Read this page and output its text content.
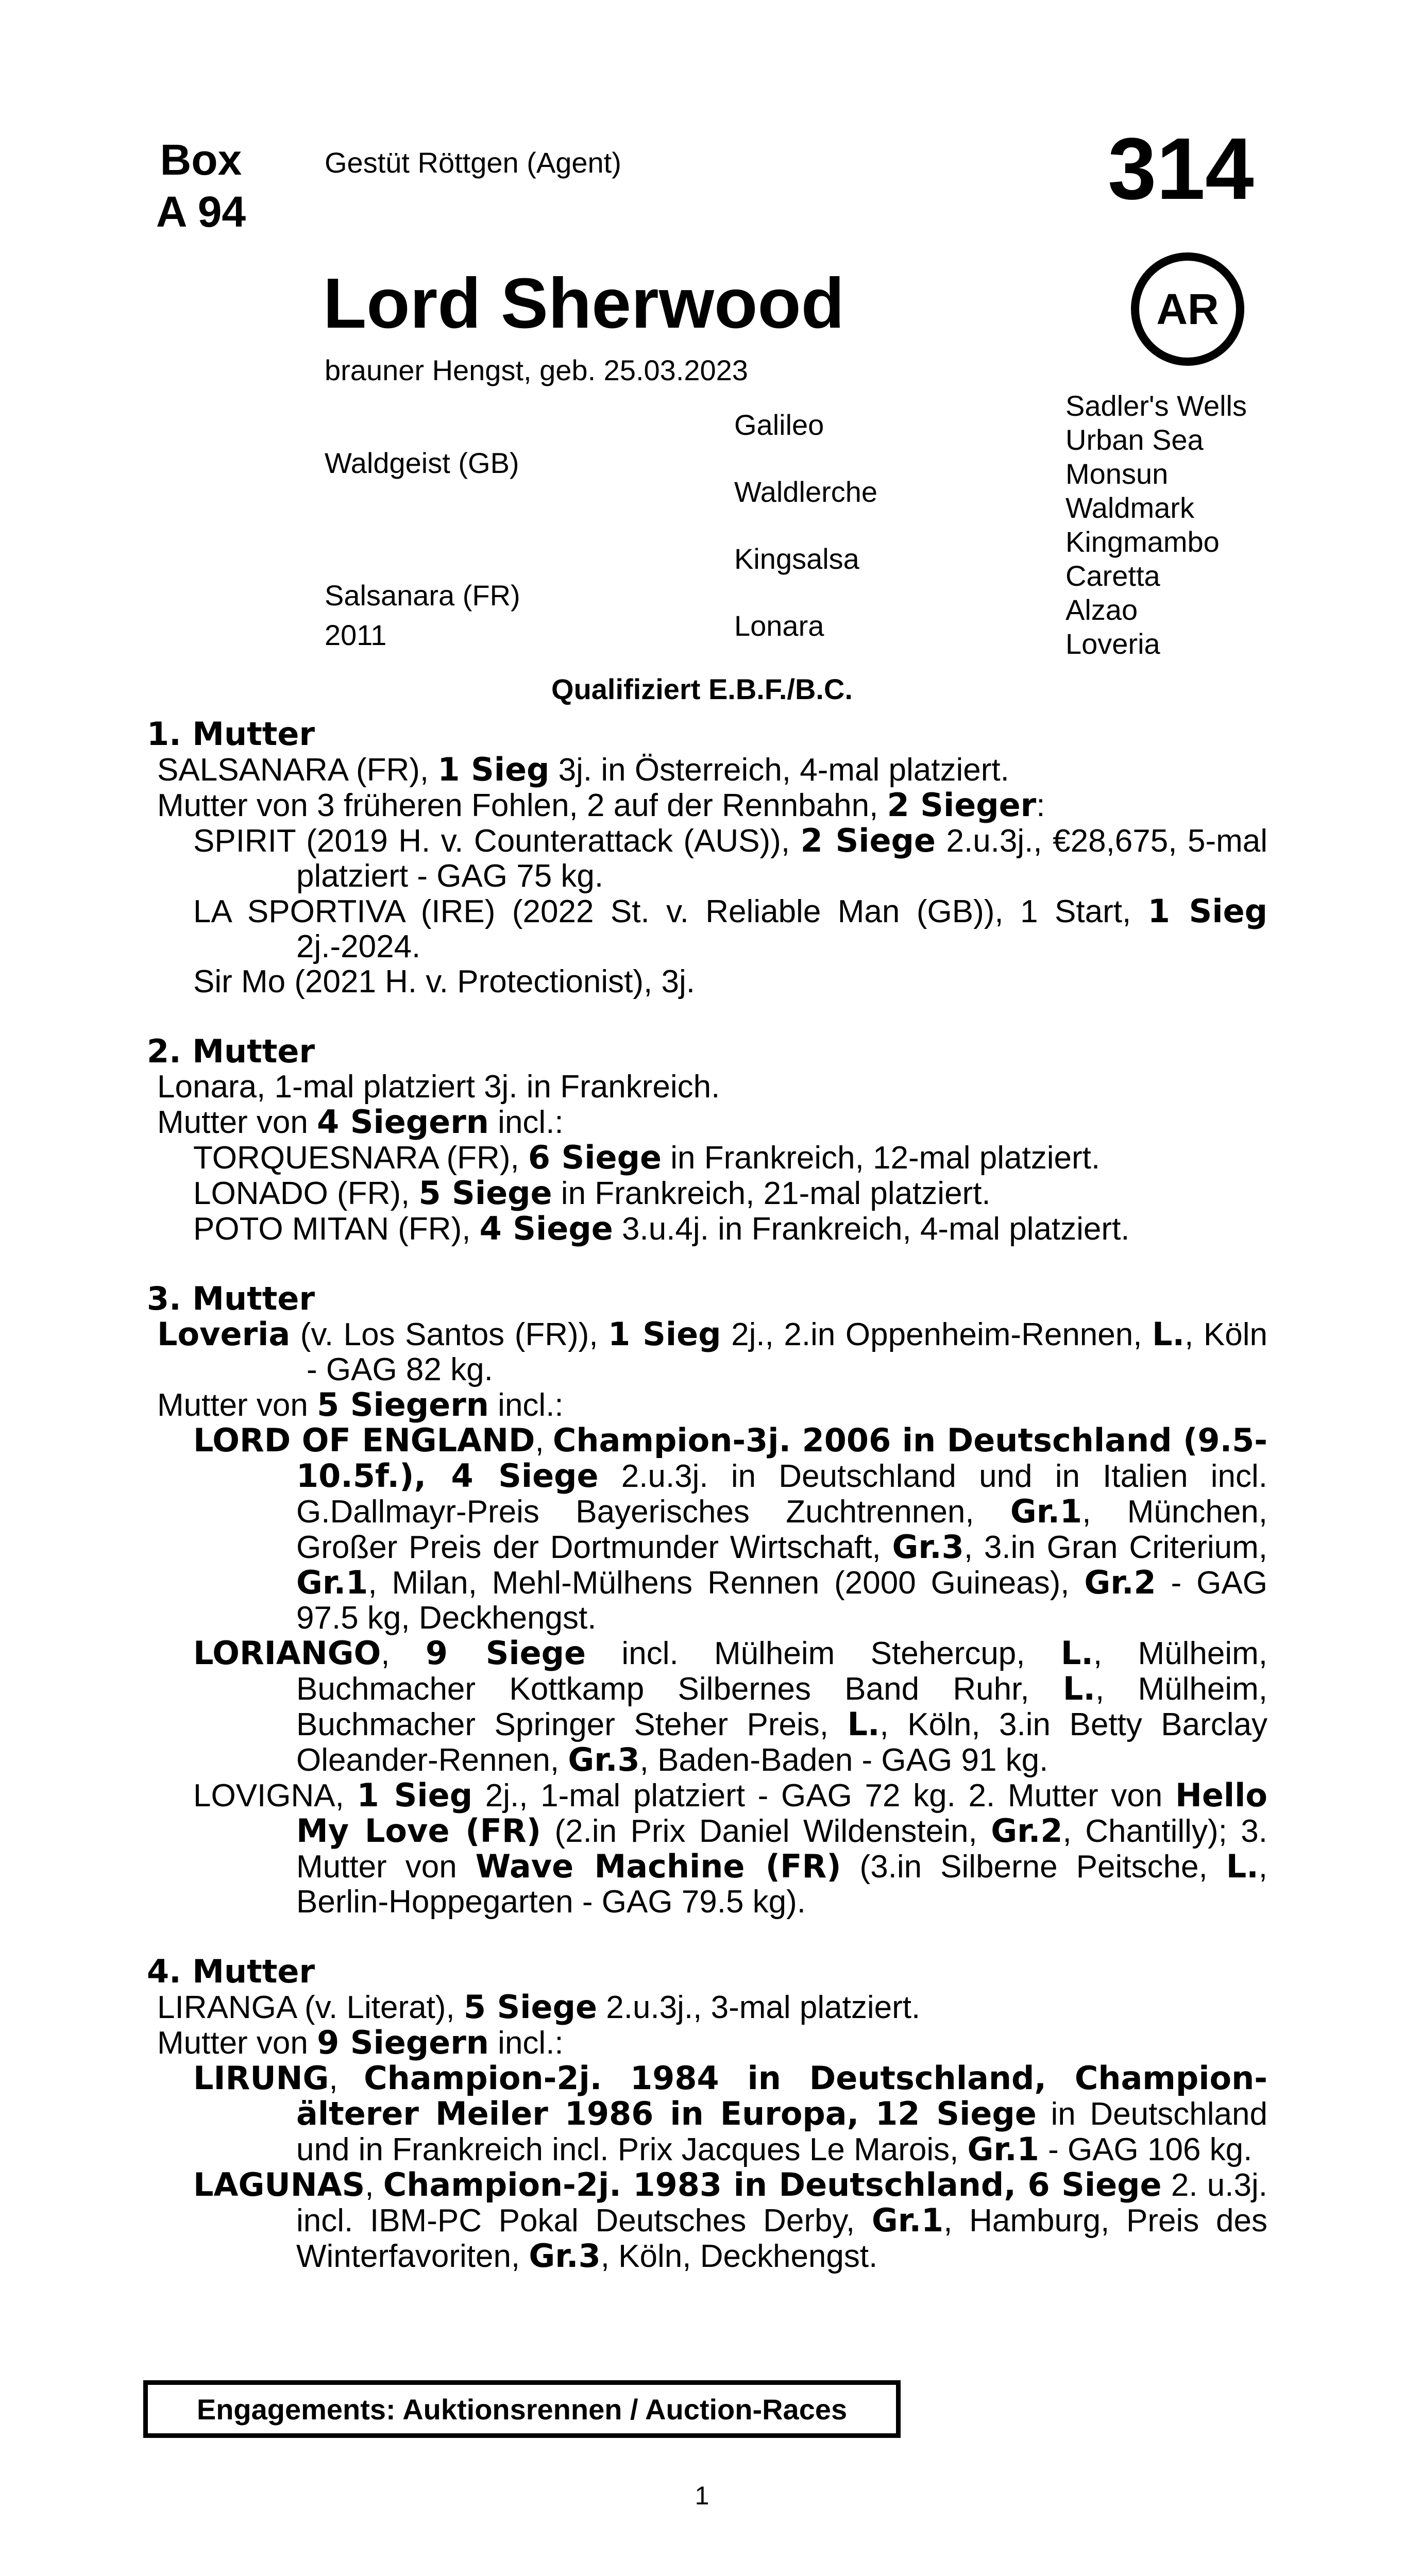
Box
A 94
Gestüt Röttgen (Agent)	314
AR
Lord Sherwood
brauner Hengst, geb. 25.03.2023
Waldgeist (GB)
Salsanara (FR)
2011
Galileo
Waldlerche
Kingsalsa
Lonara
Sadler's Wells
Urban Sea
Monsun
Waldmark
Kingmambo
Caretta
Alzao
Loveria
Qualifiziert E.B.F./B.C.
1. Mutter
SALSANARA (FR), 1 Sieg 3j. in Österreich, 4-mal platziert.
Mutter von 3 früheren Fohlen, 2 auf der Rennbahn, 2 Sieger:
SPIRIT (2019 H. v. Counterattack (AUS)), 2 Siege 2.u.3j., €28,675, 5-mal platziert - GAG 75 kg.
LA SPORTIVA (IRE) (2022 St. v. Reliable Man (GB)), 1 Start, 1 Sieg 2j.-2024.
Sir Mo (2021 H. v. Protectionist), 3j.
2. Mutter
Lonara, 1-mal platziert 3j. in Frankreich.
Mutter von 4 Siegern incl.:
TORQUESNARA (FR), 6 Siege in Frankreich, 12-mal platziert.
LONADO (FR), 5 Siege in Frankreich, 21-mal platziert.
POTO MITAN (FR), 4 Siege 3.u.4j. in Frankreich, 4-mal platziert.
3. Mutter
Loveria (v. Los Santos (FR)), 1 Sieg 2j., 2.in Oppenheim-Rennen, L., Köln - GAG 82 kg.
Mutter von 5 Siegern incl.:
LORD OF ENGLAND, Champion-3j. 2006 in Deutschland (9.5-10.5f.), 4 Siege 2.u.3j. in Deutschland und in Italien incl. G.Dallmayr-Preis Bayerisches Zuchtrennen, Gr.1, München, Großer Preis der Dortmunder Wirtschaft, Gr.3, 3.in Gran Criterium, Gr.1, Milan, Mehl-Mülhens Rennen (2000 Guineas), Gr.2 - GAG 97.5 kg, Deckhengst.
LORIANGO, 9 Siege incl. Mülheim Stehercup, L., Mülheim, Buchmacher Kottkamp Silbernes Band Ruhr, L., Mülheim, Buchmacher Springer Steher Preis, L., Köln, 3.in Betty Barclay Oleander-Rennen, Gr.3, Baden-Baden - GAG 91 kg.
LOVIGNA, 1 Sieg 2j., 1-mal platziert - GAG 72 kg. 2. Mutter von Hello My Love (FR) (2.in Prix Daniel Wildenstein, Gr.2, Chantilly); 3. Mutter von Wave Machine (FR) (3.in Silberne Peitsche, L., Berlin-Hoppegarten - GAG 79.5 kg).
4. Mutter
LIRANGA (v. Literat), 5 Siege 2.u.3j., 3-mal platziert.
Mutter von 9 Siegern incl.:
LIRUNG, Champion-2j. 1984 in Deutschland, Champion-älterer Meiler 1986 in Europa, 12 Siege in Deutschland und in Frankreich incl. Prix Jacques Le Marois, Gr.1 - GAG 106 kg.
LAGUNAS, Champion-2j. 1983 in Deutschland, 6 Siege 2. u.3j. incl. IBM-PC Pokal Deutsches Derby, Gr.1, Hamburg, Preis des Winterfavoriten, Gr.3, Köln, Deckhengst.
Engagements: Auktionsrennen / Auction-Races
1
